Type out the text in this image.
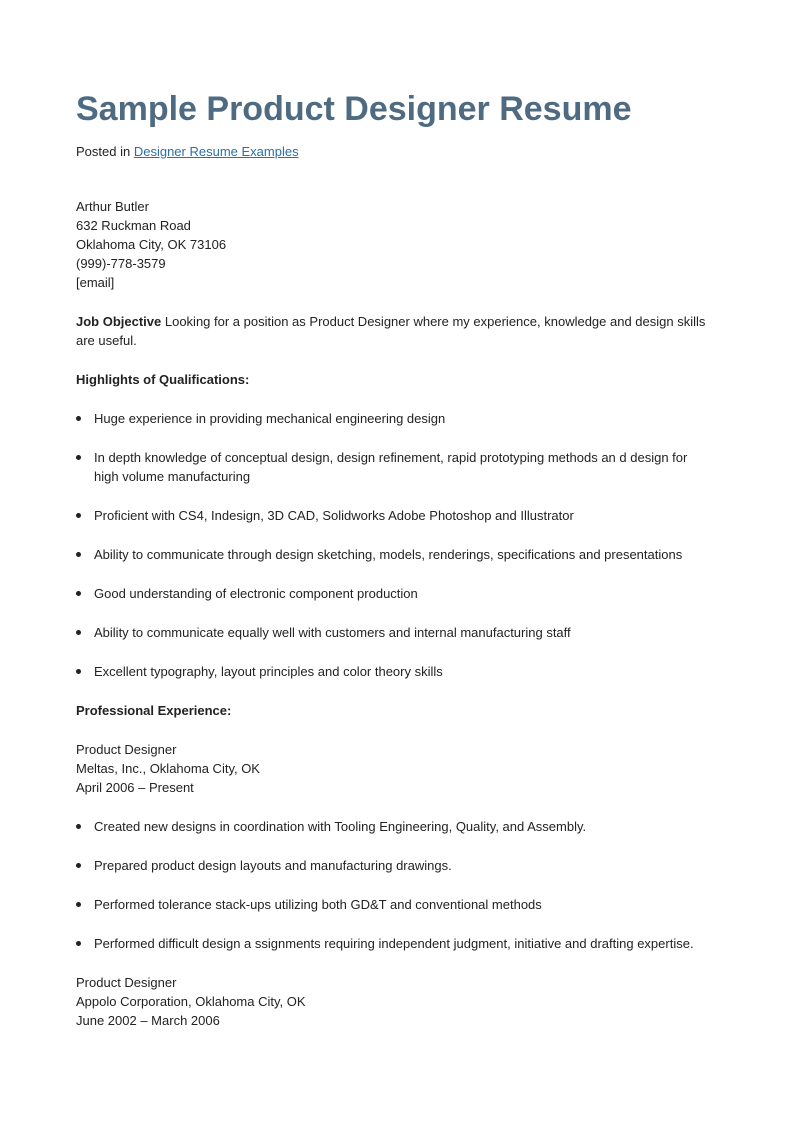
Sample Product Designer Resume
Posted in Designer Resume Examples
Arthur Butler
632 Ruckman Road
Oklahoma City, OK 73106
(999)-778-3579
[email]
Job Objective Looking for a position as Product Designer where my experience, knowledge and design skills are useful.
Highlights of Qualifications:
Huge experience in providing mechanical engineering design
In depth knowledge of conceptual design, design refinement, rapid prototyping methods an d design for high volume manufacturing
Proficient with CS4, Indesign, 3D CAD, Solidworks Adobe Photoshop and Illustrator
Ability to communicate through design sketching, models, renderings, specifications and presentations
Good understanding of electronic component production
Ability to communicate equally well with customers and internal manufacturing staff
Excellent typography, layout principles and color theory skills
Professional Experience:
Product Designer
Meltas, Inc., Oklahoma City, OK
April 2006 – Present
Created new designs in coordination with Tooling Engineering, Quality, and Assembly.
Prepared product design layouts and manufacturing drawings.
Performed tolerance stack-ups utilizing both GD&T and conventional methods
Performed difficult design a ssignments requiring independent judgment, initiative and drafting expertise.
Product Designer
Appolo Corporation, Oklahoma City, OK
June 2002 – March 2006
